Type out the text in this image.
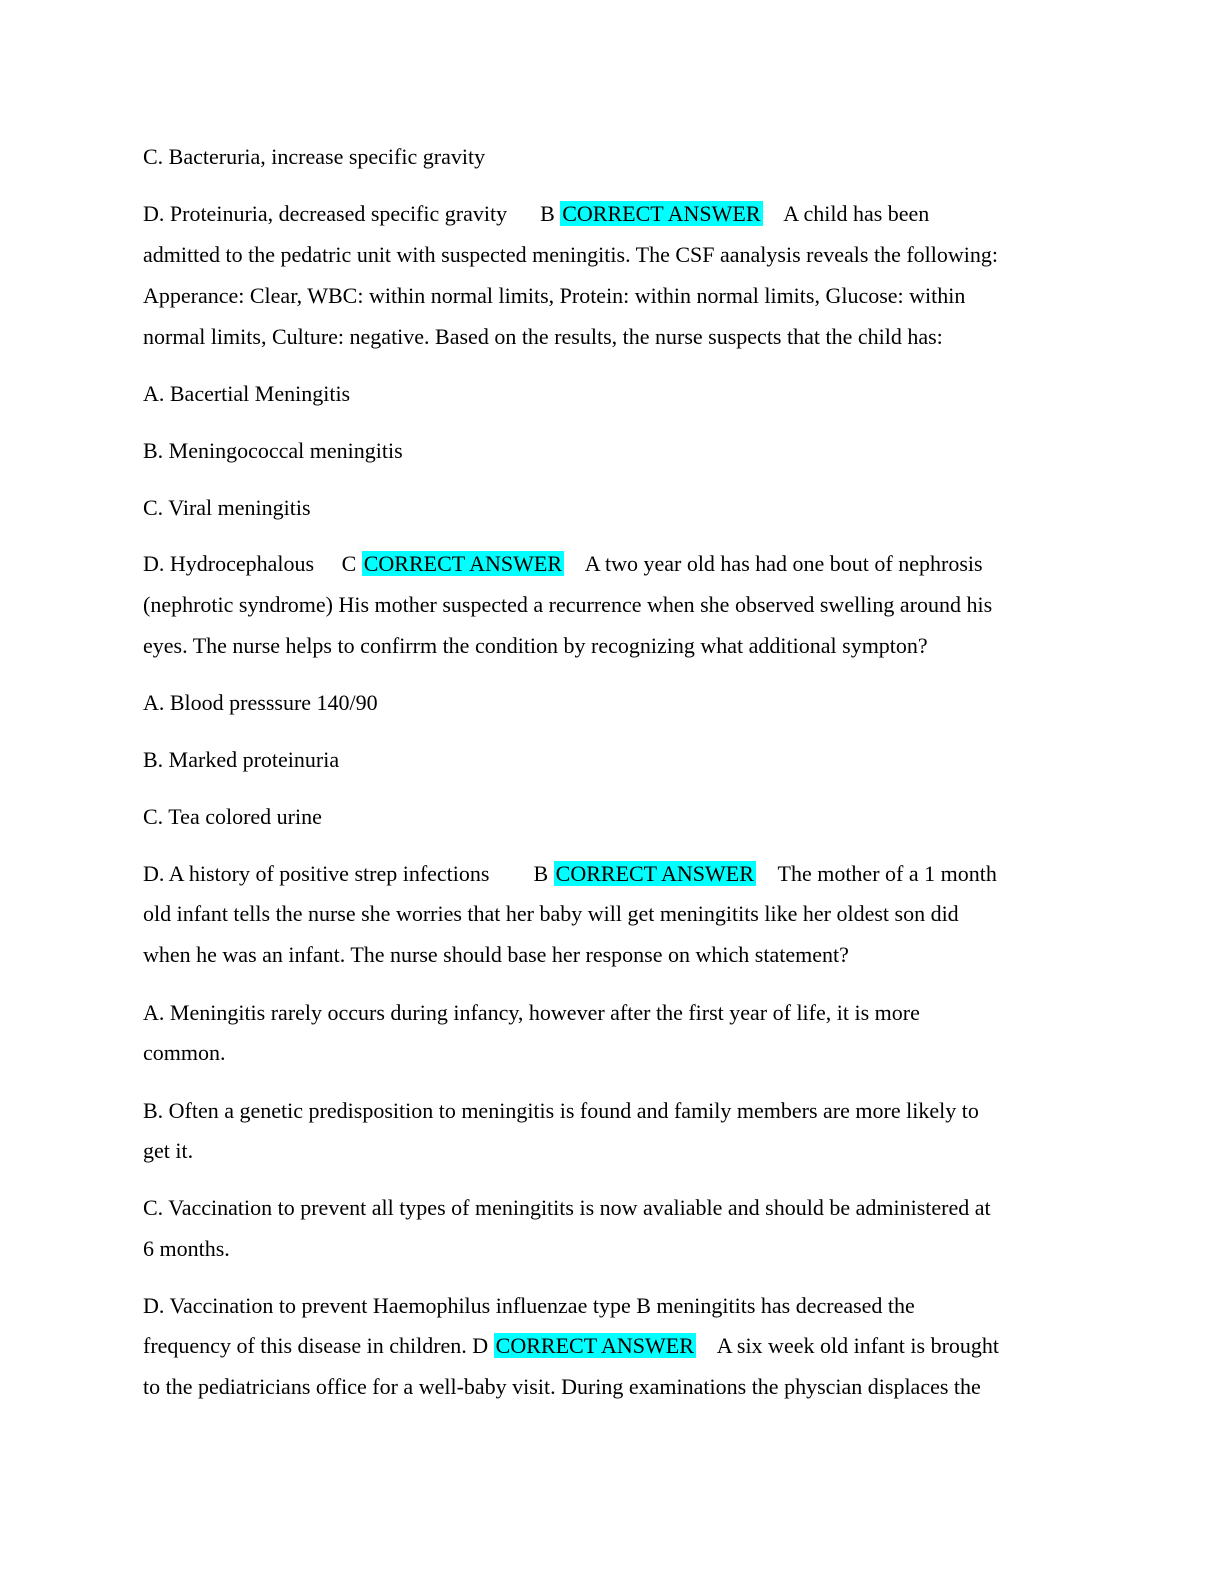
C. Bacteruria, increase specific gravity

D. Proteinuria, decreased specific gravity      B CORRECT ANSWER    A child has been

admitted to the pedatric unit with suspected meningitis. The CSF aanalysis reveals the following:

Apperance: Clear, WBC: within normal limits, Protein: within normal limits, Glucose: within

normal limits, Culture: negative. Based on the results, the nurse suspects that the child has:

A. Bacertial Meningitis

B. Meningococcal meningitis

C. Viral meningitis

D. Hydrocephalous     C CORRECT ANSWER    A two year old has had one bout of nephrosis

(nephrotic syndrome) His mother suspected a recurrence when she observed swelling around his

eyes. The nurse helps to confirrm the condition by recognizing what additional sympton?

A. Blood presssure 140/90

B. Marked proteinuria

C. Tea colored urine

D. A history of positive strep infections        B CORRECT ANSWER    The mother of a 1 month

old infant tells the nurse she worries that her baby will get meningitits like her oldest son did

when he was an infant. The nurse should base her response on which statement?

A. Meningitis rarely occurs during infancy, however after the first year of life, it is more

common.

B. Often a genetic predisposition to meningitis is found and family members are more likely to

get it.

C. Vaccination to prevent all types of meningitits is now avaliable and should be administered at

6 months.

D. Vaccination to prevent Haemophilus influenzae type B meningitits has decreased the

frequency of this disease in children. D CORRECT ANSWER    A six week old infant is brought

to the pediatricians office for a well-baby visit. During examinations the physcian displaces the
